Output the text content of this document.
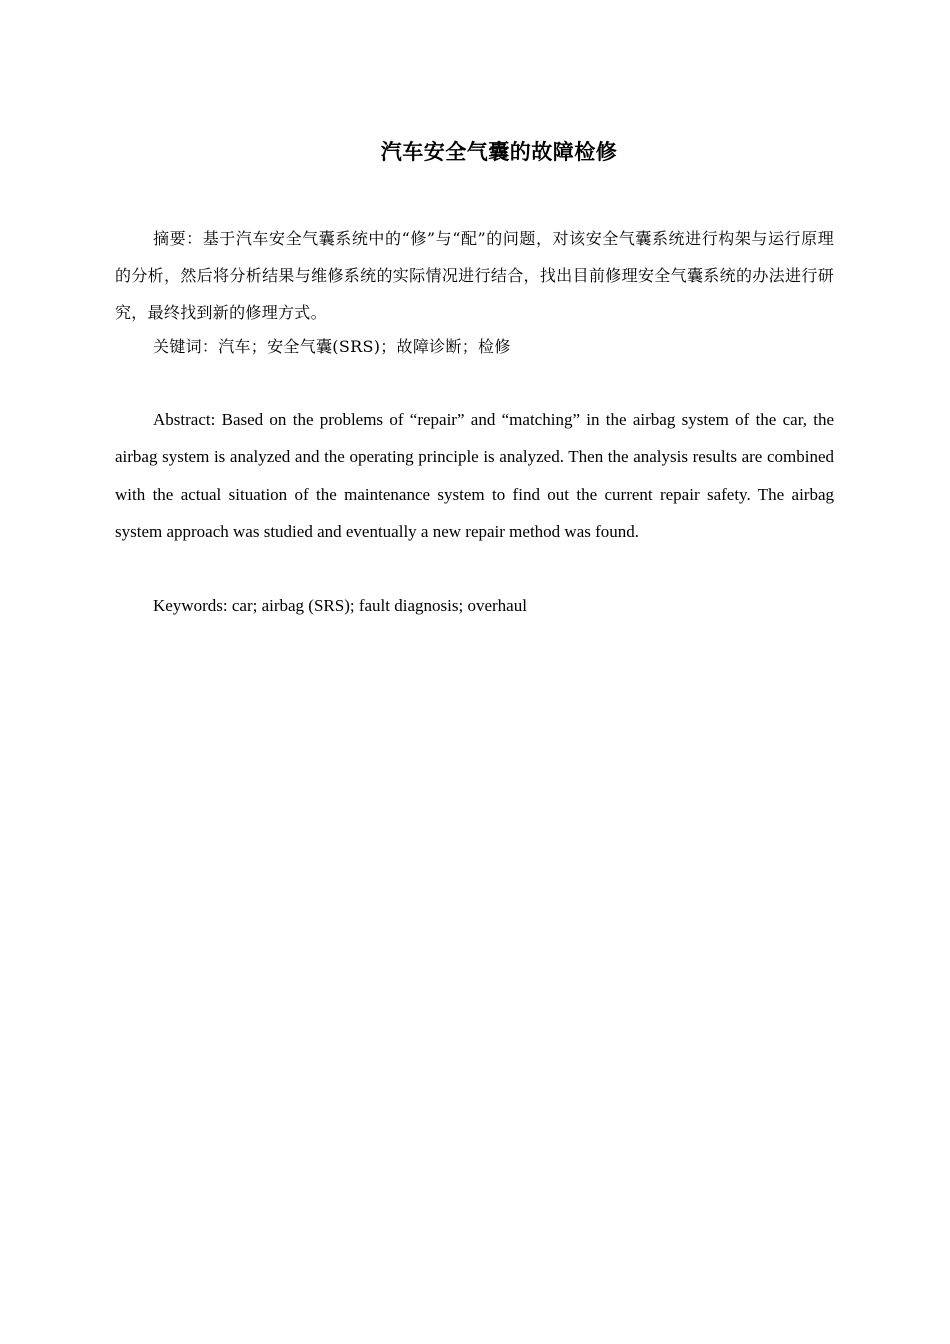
汽车安全气囊的故障检修

摘要：基于汽车安全气囊系统中的“修”与“配”的问题，对该安全气囊系统进行构架与运行原理的分析，然后将分析结果与维修系统的实际情况进行结合，找出目前修理安全气囊系统的办法进行研究，最终找到新的修理方式。

关键词：汽车；安全气囊(SRS)；故障诊断；检修

Abstract: Based on the problems of “repair” and “matching” in the airbag system of the car, the airbag system is analyzed and the operating principle is analyzed. Then the analysis results are combined with the actual situation of the maintenance system to find out the current repair safety. The airbag system approach was studied and eventually a new repair method was found.

Keywords: car; airbag (SRS); fault diagnosis; overhaul
